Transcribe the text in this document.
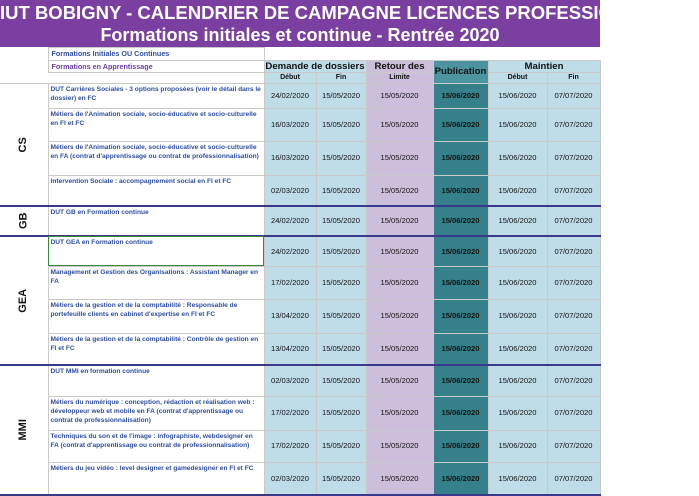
IUT BOBIGNY - CALENDRIER DE CAMPAGNE LICENCES PROFESSIONNELLES
Formations initiales et continue - Rentrée 2020
	Formations Initiales OU Continues						
	Formations en Apprentissage	Demande de dossiers		Retour des	Publication	Maintien	
		Début	Fin	Limite		Début	Fin
CS	DUT Carrières Sociales - 3 options proposées (voir le détail dans le dossier) en FC	24/02/2020	15/05/2020	15/05/2020	15/06/2020	15/06/2020	07/07/2020
	Métiers de l'Animation sociale, socio-éducative et socio-culturelle en FI et FC	16/03/2020	15/05/2020	15/05/2020	15/06/2020	15/06/2020	07/07/2020
	Métiers de l'Animation sociale, socio-éducative et socio-culturelle en FA (contrat d'apprentissage ou contrat de professionnalisation)	16/03/2020	15/05/2020	15/05/2020	15/06/2020	15/06/2020	07/07/2020
	Intervention Sociale : accompagnement social en FI et FC	02/03/2020	15/05/2020	15/05/2020	15/06/2020	15/06/2020	07/07/2020
GB	DUT GB en Formation continue	24/02/2020	15/05/2020	15/05/2020	15/06/2020	15/06/2020	07/07/2020
GEA	DUT GEA en Formation continue	24/02/2020	15/05/2020	15/05/2020	15/06/2020	15/06/2020	07/07/2020
	Management et Gestion des Organisations : Assistant Manager en FA	17/02/2020	15/05/2020	15/05/2020	15/06/2020	15/06/2020	07/07/2020
	Métiers de la gestion et de la comptabilité : Responsable de portefeuille clients en cabinet d'expertise en FI et FC	13/04/2020	15/05/2020	15/05/2020	15/06/2020	15/06/2020	07/07/2020
	Métiers de la gestion et de la comptabilité : Contrôle de gestion en FI et FC	13/04/2020	15/05/2020	15/05/2020	15/06/2020	15/06/2020	07/07/2020
MMI	DUT MMI en formation continue	02/03/2020	15/05/2020	15/05/2020	15/06/2020	15/06/2020	07/07/2020
	Métiers du numérique : conception, rédaction et réalisation web : développeur web et mobile en FA (contrat d'apprentissage ou contrat de professionnalisation)	17/02/2020	15/05/2020	15/05/2020	15/06/2020	15/06/2020	07/07/2020
	Techniques du son et de l'image : infographiste, webdesigner en FA (contrat d'apprentissage ou contrat de professionnalisation)	17/02/2020	15/05/2020	15/05/2020	15/06/2020	15/06/2020	07/07/2020
	Métiers du jeu vidéo : level designer et gamedesigner en FI et FC	02/03/2020	15/05/2020	15/05/2020	15/06/2020	15/06/2020	07/07/2020
